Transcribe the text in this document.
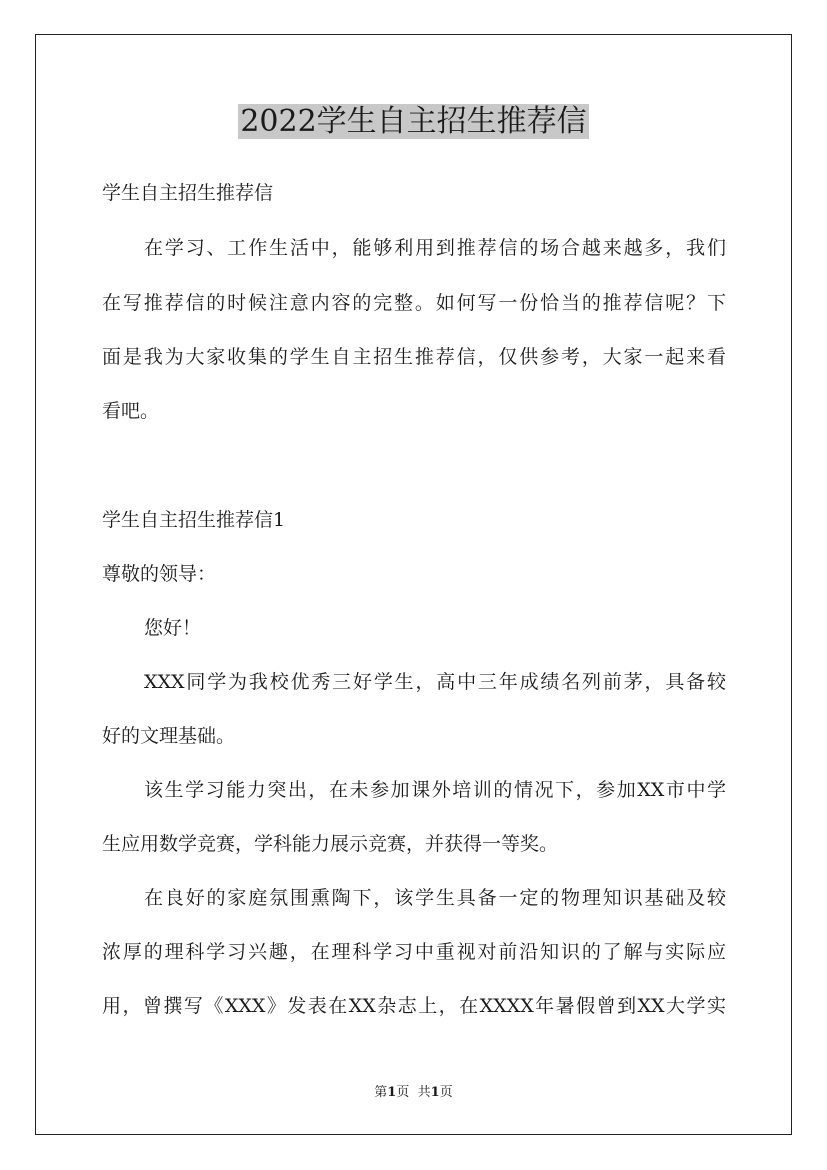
2022学生自主招生推荐信
学生自主招生推荐信
在学习、工作生活中，能够利用到推荐信的场合越来越多，我们
在写推荐信的时候注意内容的完整。如何写一份恰当的推荐信呢？下
面是我为大家收集的学生自主招生推荐信，仅供参考，大家一起来看
看吧。
学生自主招生推荐信1
尊敬的领导：
您好！
XXX同学为我校优秀三好学生，高中三年成绩名列前茅，具备较
好的文理基础。
该生学习能力突出，在未参加课外培训的情况下，参加XX市中学
生应用数学竞赛，学科能力展示竞赛，并获得一等奖。
在良好的家庭氛围熏陶下，该学生具备一定的物理知识基础及较
浓厚的理科学习兴趣，在理科学习中重视对前沿知识的了解与实际应
用，曾撰写《XXX》发表在XX杂志上，在XXXX年暑假曾到XX大学实
第1页 共1页
